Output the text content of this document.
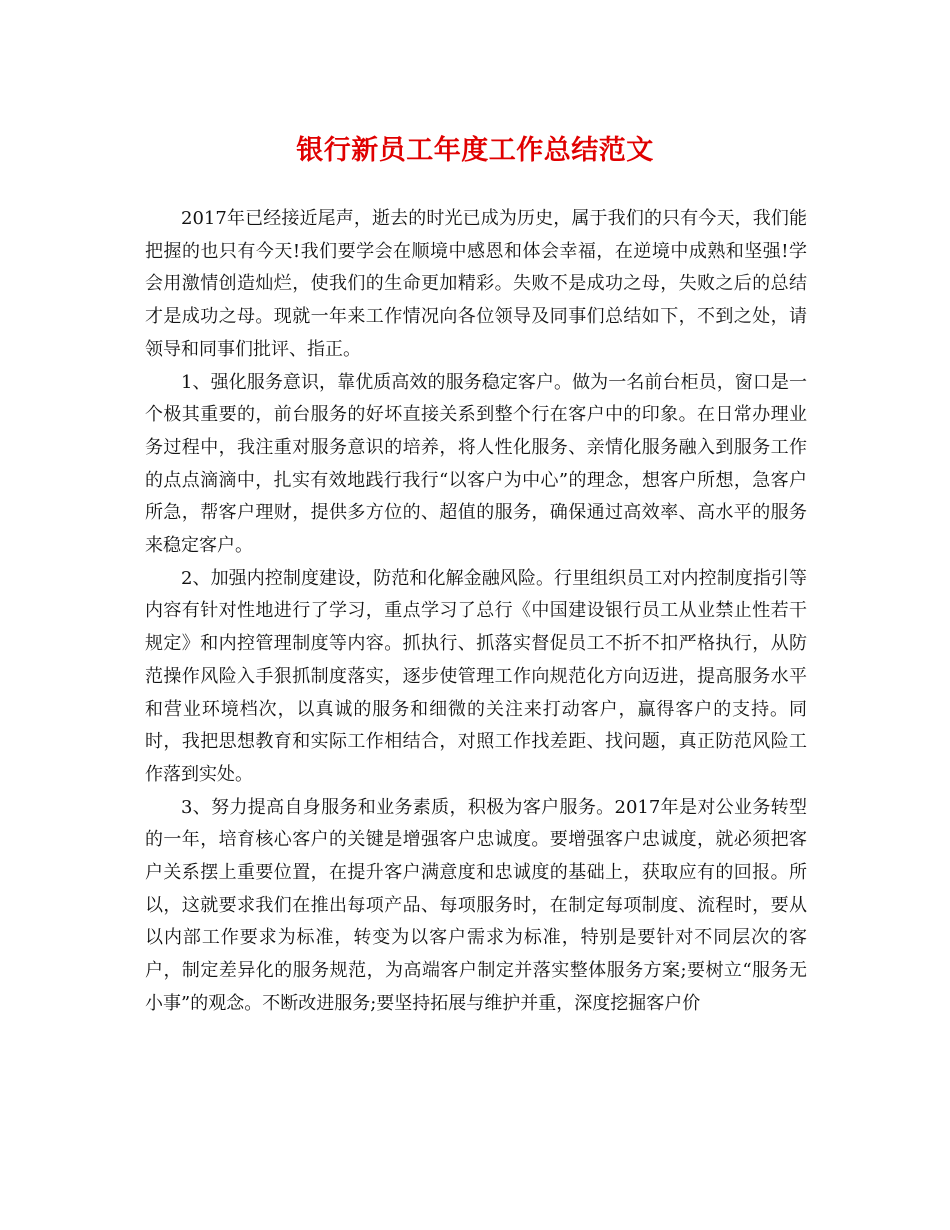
银行新员工年度工作总结范文

2017年已经接近尾声，逝去的时光已成为历史，属于我们的只有今天，我们能把握的也只有今天!我们要学会在顺境中感恩和体会幸福，在逆境中成熟和坚强!学会用激情创造灿烂，使我们的生命更加精彩。失败不是成功之母，失败之后的总结才是成功之母。现就一年来工作情况向各位领导及同事们总结如下，不到之处，请领导和同事们批评、指正。

1、强化服务意识，靠优质高效的服务稳定客户。做为一名前台柜员，窗口是一个极其重要的，前台服务的好坏直接关系到整个行在客户中的印象。在日常办理业务过程中，我注重对服务意识的培养，将人性化服务、亲情化服务融入到服务工作的点点滴滴中，扎实有效地践行我行“以客户为中心”的理念，想客户所想，急客户所急，帮客户理财，提供多方位的、超值的服务，确保通过高效率、高水平的服务来稳定客户。

2、加强内控制度建设，防范和化解金融风险。行里组织员工对内控制度指引等内容有针对性地进行了学习，重点学习了总行《中国建设银行员工从业禁止性若干规定》和内控管理制度等内容。抓执行、抓落实督促员工不折不扣严格执行，从防范操作风险入手狠抓制度落实，逐步使管理工作向规范化方向迈进，提高服务水平和营业环境档次，以真诚的服务和细微的关注来打动客户，赢得客户的支持。同时，我把思想教育和实际工作相结合，对照工作找差距、找问题，真正防范风险工作落到实处。

3、努力提高自身服务和业务素质，积极为客户服务。2017年是对公业务转型的一年，培育核心客户的关键是增强客户忠诚度。要增强客户忠诚度，就必须把客户关系摆上重要位置，在提升客户满意度和忠诚度的基础上，获取应有的回报。所以，这就要求我们在推出每项产品、每项服务时，在制定每项制度、流程时，要从以内部工作要求为标准，转变为以客户需求为标准，特别是要针对不同层次的客户，制定差异化的服务规范，为高端客户制定并落实整体服务方案;要树立“服务无小事”的观念。不断改进服务;要坚持拓展与维护并重，深度挖掘客户价
